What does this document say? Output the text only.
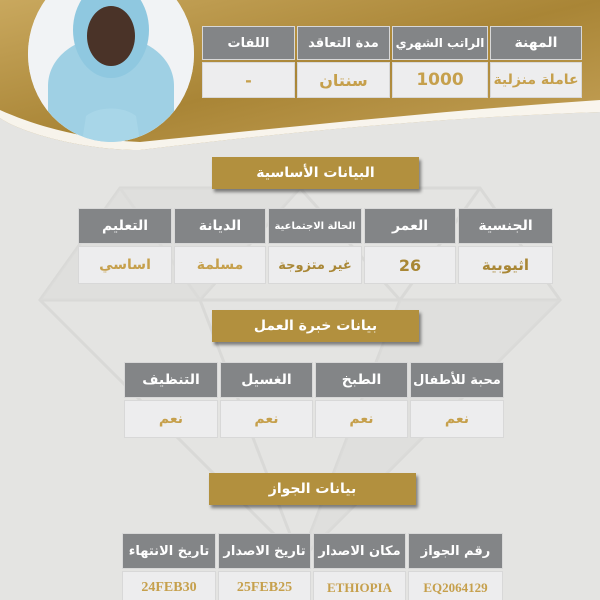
المهنة
الراتب الشهري
مدة التعاقد
اللفات
عاملة منزلية
1000
سنتان
-
البيانات الأساسية
الجنسية
العمر
الحالة الاجتماعية
الديانة
التعليم
اثيوبية
26
غير متزوجة
مسلمة
اساسي
بيانات خبرة العمل
محبة للأطفال
الطبخ
الغسيل
التنظيف
نعم
نعم
نعم
نعم
بيانات الجواز
رقم الجواز
مكان الاصدار
تاريخ الاصدار
تاريخ الانتهاء
EQ2064129
ETHIOPIA
25FEB25
24FEB30
